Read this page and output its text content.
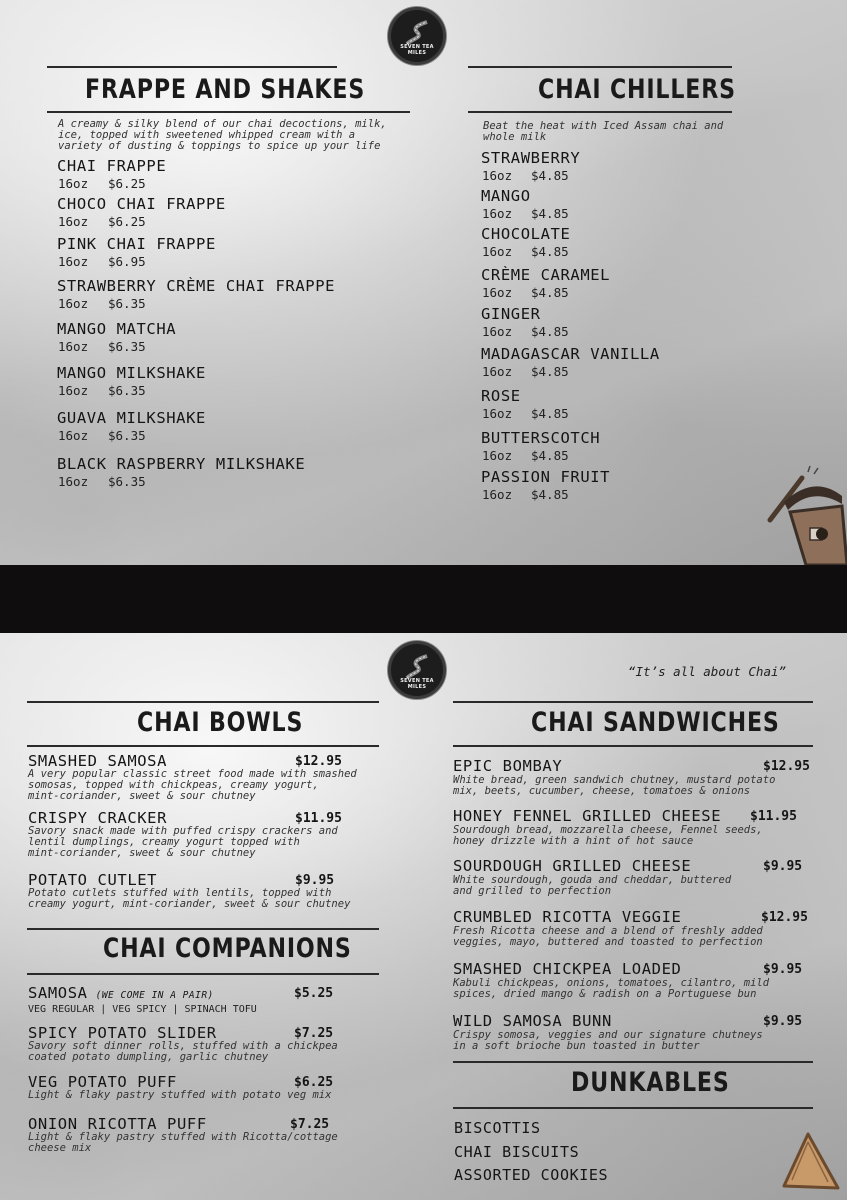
SEVEN TEA MILES
FRAPPE AND SHAKES
A creamy & silky blend of our chai decoctions, milk,
ice, topped with sweetened whipped cream with a
variety of dusting & toppings to spice up your life
CHAI FRAPPE
16oz $6.25
CHOCO CHAI FRAPPE
16oz $6.25
PINK CHAI FRAPPE
16oz $6.95
STRAWBERRY CRÈME CHAI FRAPPE
16oz $6.35
MANGO MATCHA
16oz $6.35
MANGO MILKSHAKE
16oz $6.35
GUAVA MILKSHAKE
16oz $6.35
BLACK RASPBERRY MILKSHAKE
16oz $6.35
CHAI CHILLERS
Beat the heat with Iced Assam chai and
whole milk
STRAWBERRY
16oz $4.85
MANGO
16oz $4.85
CHOCOLATE
16oz $4.85
CRÈME CARAMEL
16oz $4.85
GINGER
16oz $4.85
MADAGASCAR VANILLA
16oz $4.85
ROSE
16oz $4.85
BUTTERSCOTCH
16oz $4.85
PASSION FRUIT
16oz $4.85
SEVEN TEA MILES
“It’s all about Chai”
CHAI BOWLS
SMASHED SAMOSA	$12.95
A very popular classic street food made with smashed
somosas, topped with chickpeas, creamy yogurt,
mint-coriander, sweet & sour chutney
CRISPY CRACKER	$11.95
Savory snack made with puffed crispy crackers and
lentil dumplings, creamy yogurt topped with
mint-coriander, sweet & sour chutney
POTATO CUTLET	$9.95
Potato cutlets stuffed with lentils, topped with
creamy yogurt, mint-coriander, sweet & sour chutney
CHAI COMPANIONS
SAMOSA (WE COME IN A PAIR)	$5.25
VEG REGULAR | VEG SPICY | SPINACH TOFU
SPICY POTATO SLIDER	$7.25
Savory soft dinner rolls, stuffed with a chickpea
coated potato dumpling, garlic chutney
VEG POTATO PUFF	$6.25
Light & flaky pastry stuffed with potato veg mix
ONION RICOTTA PUFF	$7.25
Light & flaky pastry stuffed with Ricotta/cottage
cheese mix
CHAI SANDWICHES
EPIC BOMBAY	$12.95
White bread, green sandwich chutney, mustard potato
mix, beets, cucumber, cheese, tomatoes & onions
HONEY FENNEL GRILLED CHEESE $11.95
Sourdough bread, mozzarella cheese, Fennel seeds,
honey drizzle with a hint of hot sauce
SOURDOUGH GRILLED CHEESE	$9.95
White sourdough, gouda and cheddar, buttered
and grilled to perfection
CRUMBLED RICOTTA VEGGIE	$12.95
Fresh Ricotta cheese and a blend of freshly added
veggies, mayo, buttered and toasted to perfection
SMASHED CHICKPEA LOADED	$9.95
Kabuli chickpeas, onions, tomatoes, cilantro, mild
spices, dried mango & radish on a Portuguese bun
WILD SAMOSA BUNN	$9.95
Crispy somosa, veggies and our signature chutneys
in a soft brioche bun toasted in butter
DUNKABLES
BISCOTTIS
CHAI BISCUITS
ASSORTED COOKIES
